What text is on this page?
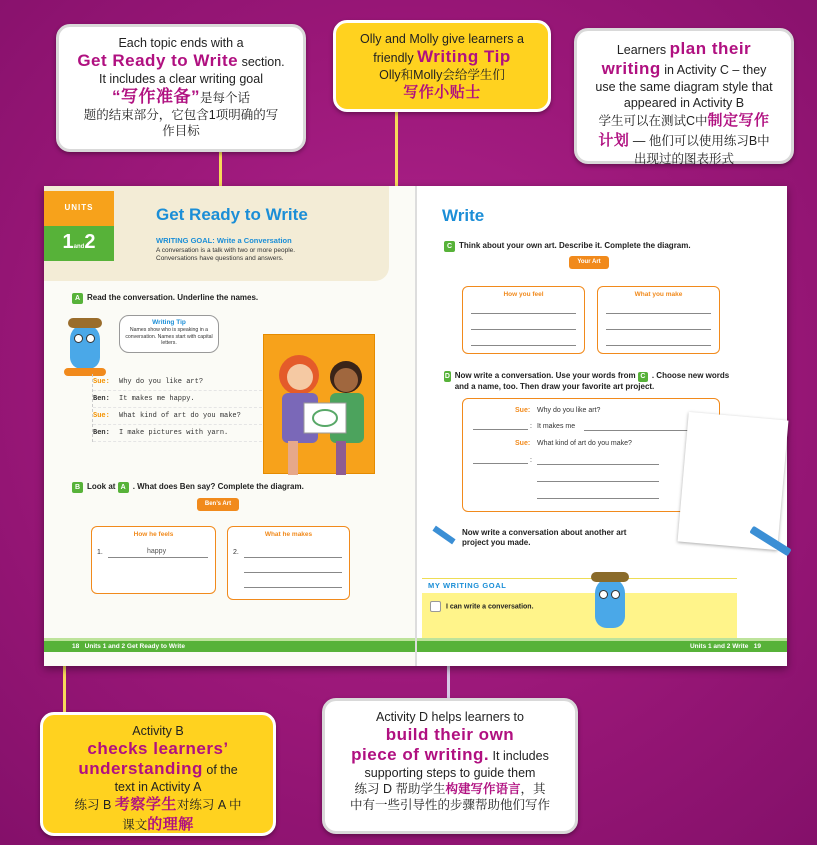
UNITS
1and2
Get Ready to Write
WRITING GOAL: Write a Conversation
A conversation is a talk with two or more people. Conversations have questions and answers.
A Read the conversation. Underline the names.
Writing Tip
Names show who is speaking in a conversation. Names start with capital letters.
Sue:	Why do you like art?
Ben:	It makes me happy.
Sue:	What kind of art do you make?
Ben:	I make pictures with yarn.
B Look at
A . What does Ben say? Complete the diagram.
Ben’s Art
How he feels
1.	happy
What he makes
2.
18 Units 1 and 2 Get Ready to Write
Write
C Think about your own art. Describe it. Complete the diagram.
Your Art
How you feel	What you make
D Now write a conversation. Use your words from C . Choose new words and a name, too. Then draw your favorite art project.
Sue: Why do you like art?
: It makes me
Sue: What kind of art do you make?
:
Now write a conversation about another art project you made.
MY WRITING GOAL
I can write a conversation.
Units 1 and 2 Write 19
Each topic ends with a
Get Ready to Write section.
It includes a clear writing goal
“写作准备”是每个话
题的结束部分，它包含1项明确的写
作目标
Olly and Molly give learners a
friendly Writing Tip
Olly和Molly会给学生们
写作小贴士
Learners plan their
writing in Activity C – they
use the same diagram style that
appeared in Activity B
学生可以在测试C中制定写作
计划 — 他们可以使用练习B中
出现过的图表形式
Activity B
checks learners’
understanding of the
text in Activity A
练习 B 考察学生对练习 A 中
课文的理解
Activity D helps learners to
build their own
piece of writing. It includes
supporting steps to guide them
练习 D 帮助学生构建写作语言，其
中有一些引导性的步骤帮助他们写作
